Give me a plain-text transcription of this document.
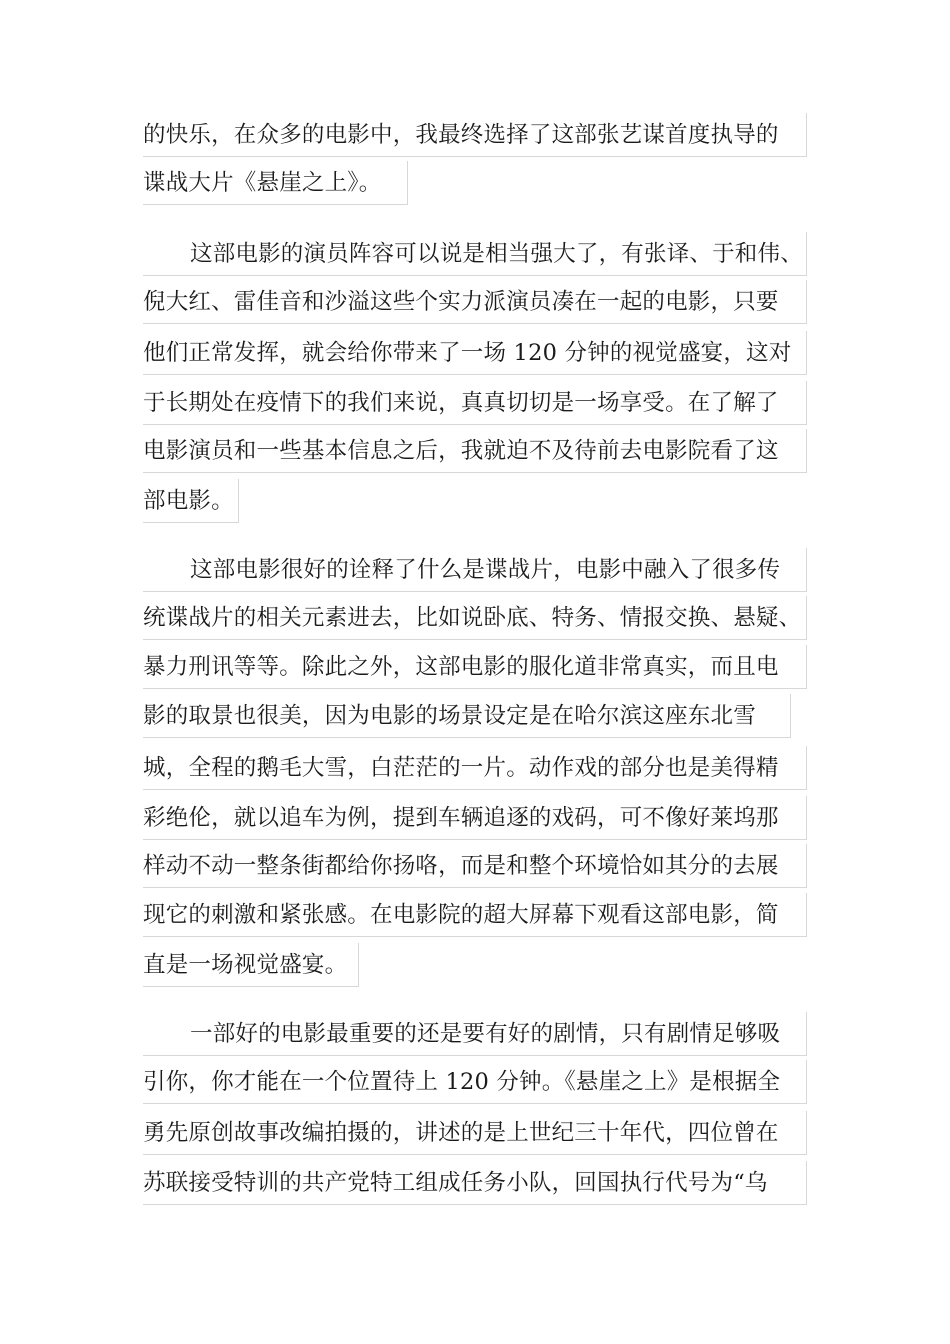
的快乐，在众多的电影中，我最终选择了这部张艺谋首度执导的
谍战大片《悬崖之上》。
这部电影的演员阵容可以说是相当强大了，有张译、于和伟、
倪大红、雷佳音和沙溢这些个实力派演员凑在一起的电影，只要
他们正常发挥，就会给你带来了一场 120 分钟的视觉盛宴，这对
于长期处在疫情下的我们来说，真真切切是一场享受。在了解了
电影演员和一些基本信息之后，我就迫不及待前去电影院看了这
部电影。
这部电影很好的诠释了什么是谍战片，电影中融入了很多传
统谍战片的相关元素进去，比如说卧底、特务、情报交换、悬疑、
暴力刑讯等等。除此之外，这部电影的服化道非常真实，而且电
影的取景也很美，因为电影的场景设定是在哈尔滨这座东北雪
城，全程的鹅毛大雪，白茫茫的一片。动作戏的部分也是美得精
彩绝伦，就以追车为例，提到车辆追逐的戏码，可不像好莱坞那
样动不动一整条街都给你扬咯，而是和整个环境恰如其分的去展
现它的刺激和紧张感。在电影院的超大屏幕下观看这部电影，简
直是一场视觉盛宴。
一部好的电影最重要的还是要有好的剧情，只有剧情足够吸
引你，你才能在一个位置待上 120 分钟。《悬崖之上》是根据全
勇先原创故事改编拍摄的，讲述的是上世纪三十年代，四位曾在
苏联接受特训的共产党特工组成任务小队，回国执行代号为“乌
